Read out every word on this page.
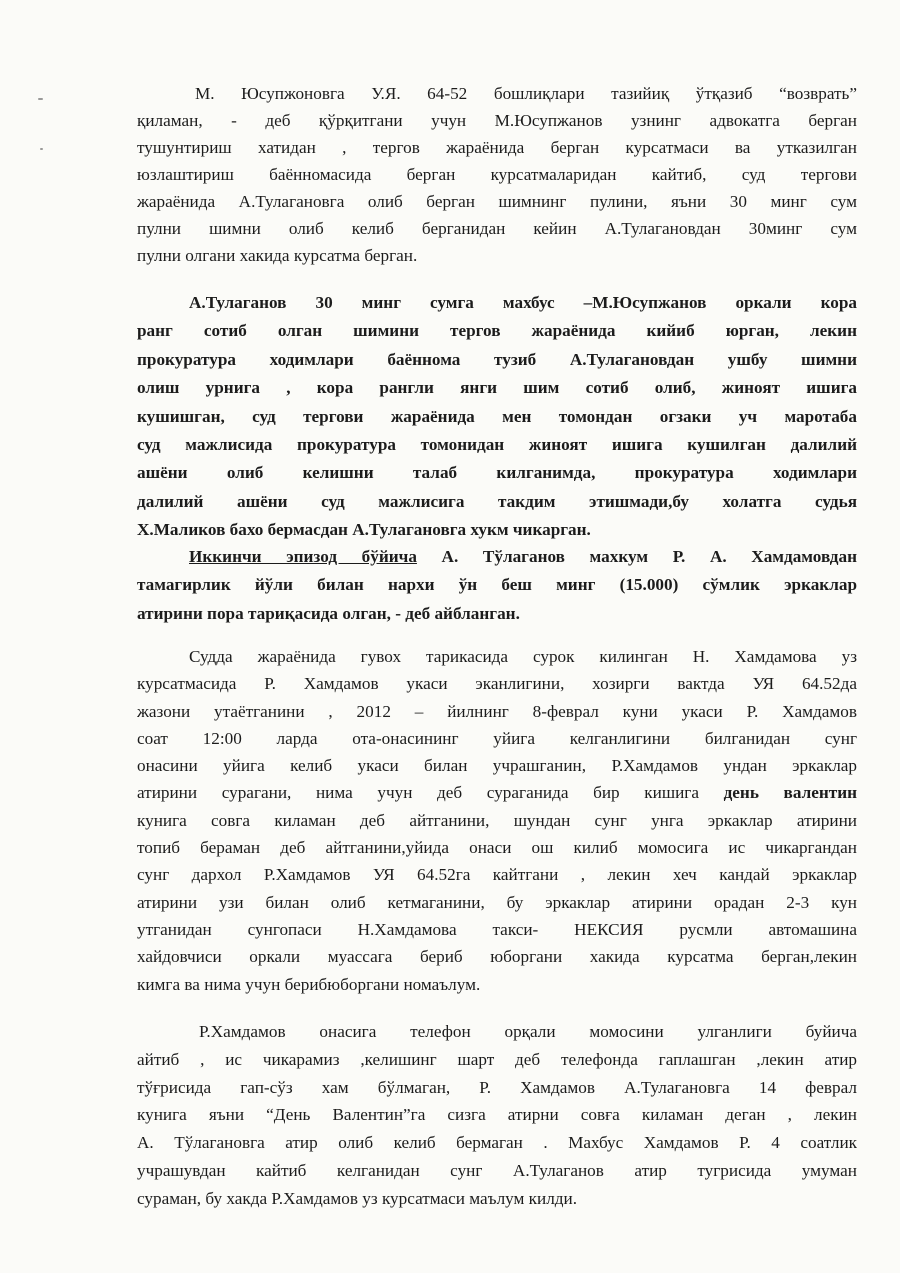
М. Юсупжоновга У.Я. 64-52 бошлиқлари тазийиқ ўтқазиб “возврать”
қиламан, - деб қўрқитгани учун М.Юсупжанов узнинг адвокатга берган
тушунтириш хатидан , тергов жараёнида берган курсатмаси ва утказилган
юзлаштириш баённомасида берган курсатмаларидан кайтиб, суд тергови
жараёнида А.Тулагановга олиб берган шимнинг пулини, яъни 30 минг сум
пулни шимни олиб келиб берганидан кейин А.Тулагановдан 30минг сум
пулни олгани хакида курсатма берган.
А.Тулаганов 30 минг сумга махбус –М.Юсупжанов оркали кора
ранг сотиб олган шимини тергов жараёнида кийиб юрган, лекин
прокуратура ходимлари баённома тузиб А.Тулагановдан ушбу шимни
олиш урнига , кора рангли янги шим сотиб олиб, жиноят ишига
кушишган, суд тергови жараёнида мен томондан огзаки уч маротаба
суд мажлисида прокуратура томонидан жиноят ишига кушилган далилий
ашёни олиб келишни талаб килганимда, прокуратура ходимлари
далилий ашёни суд мажлисига такдим этишмади,бу холатга судья
Х.Маликов бахо бермасдан А.Тулагановга хукм чикарган.
Иккинчи эпизод бўйича А. Тўлаганов махкум Р. А. Хамдамовдан
тамагирлик йўли билан нархи ўн беш минг (15.000) сўмлик эркаклар
атирини пора тариқасида олган, - деб айбланган.
Судда жараёнида гувох тарикасида сурок килинган Н. Хамдамова уз
курсатмасида Р. Хамдамов укаси эканлигини, хозирги вактда УЯ 64.52да
жазони утаётганини , 2012 – йилнинг 8-феврал куни укаси Р. Хамдамов
соат 12:00 ларда ота-онасининг уйига келганлигини билганидан сунг
онасини уйига келиб укаси билан учрашганин, Р.Хамдамов ундан эркаклар
атирини сурагани, нима учун деб сураганида бир кишига день валентин
кунига совга киламан деб айтганини, шундан сунг унга эркаклар атирини
топиб бераман деб айтганини,уйида онаси ош килиб момосига ис чикаргандан
сунг дархол Р.Хамдамов УЯ 64.52га кайтгани , лекин хеч кандай эркаклар
атирини узи билан олиб кетмаганини, бу эркаклар атирини орадан 2-3 кун
утганидан сунгопаси Н.Хамдамова такси- НЕКСИЯ русмли автомашина
хайдовчиси оркали муассага бериб юборгани хакида курсатма берган,лекин
кимга ва нима учун берибюборгани номаълум.
Р.Хамдамов онасига телефон орқали момосини улганлиги буйича
айтиб , ис чикарамиз ,келишинг шарт деб телефонда гаплашган ,лекин атир
тўғрисида гап-сўз хам бўлмаган, Р. Хамдамов А.Тулагановга 14 феврал
кунига яъни “День Валентин”га сизга атирни совға киламан деган , лекин
А. Тўлагановга атир олиб келиб бермаган . Махбус Хамдамов Р. 4 соатлик
учрашувдан кайтиб келганидан сунг А.Тулаганов атир тугрисида умуман
сураман, бу хакда Р.Хамдамов уз курсатмаси маълум килди.
